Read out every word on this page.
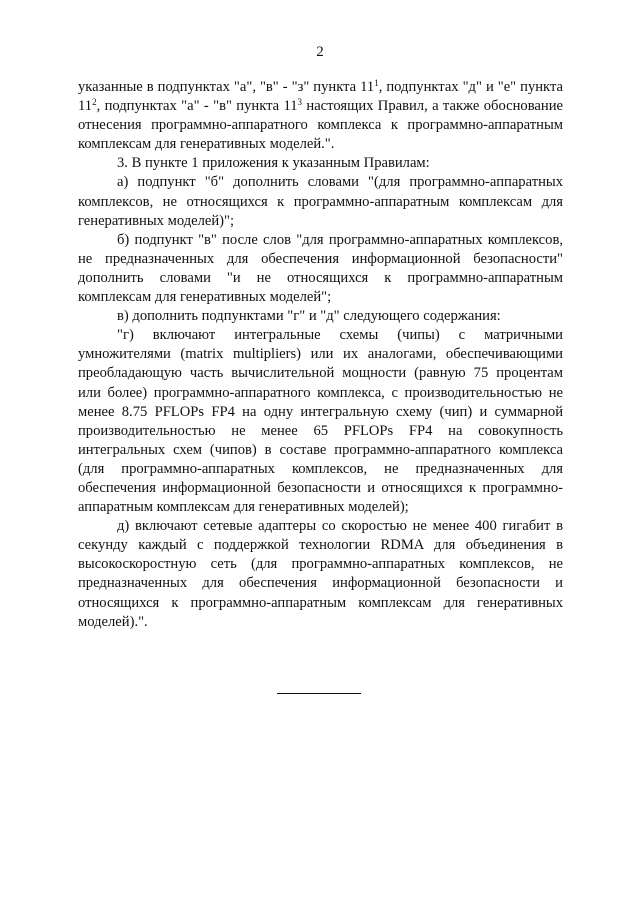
2

указанные в подпунктах "а", "в" - "з" пункта $11^1$, подпунктах "д" и "е" пункта $11^2$, подпунктах "а" - "в" пункта $11^3$ настоящих Правил, а также обоснование отнесения программно-аппаратного комплекса к программно-аппаратным комплексам для генеративных моделей.".

3. В пункте 1 приложения к указанным Правилам:

а) подпункт "б" дополнить словами "(для программно-аппаратных комплексов, не относящихся к программно-аппаратным комплексам для генеративных моделей)";

б) подпункт "в" после слов "для программно-аппаратных комплексов, не предназначенных для обеспечения информационной безопасности" дополнить словами "и не относящихся к программно-аппаратным комплексам для генеративных моделей";

в) дополнить подпунктами "г" и "д" следующего содержания:

"г) включают интегральные схемы (чипы) с матричными умножителями (matrix multipliers) или их аналогами, обеспечивающими преобладающую часть вычислительной мощности (равную 75 процентам или более) программно-аппаратного комплекса, с производительностью не менее 8.75 PFLOPs FP4 на одну интегральную схему (чип) и суммарной производительностью не менее 65 PFLOPs FP4 на совокупность интегральных схем (чипов) в составе программно-аппаратного комплекса (для программно-аппаратных комплексов, не предназначенных для обеспечения информационной безопасности и относящихся к программно-аппаратным комплексам для генеративных моделей);

д) включают сетевые адаптеры со скоростью не менее 400 гигабит в секунду каждый с поддержкой технологии RDMA для объединения в высокоскоростную сеть (для программно-аппаратных комплексов, не предназначенных для обеспечения информационной безопасности и относящихся к программно-аппаратным комплексам для генеративных моделей).".
